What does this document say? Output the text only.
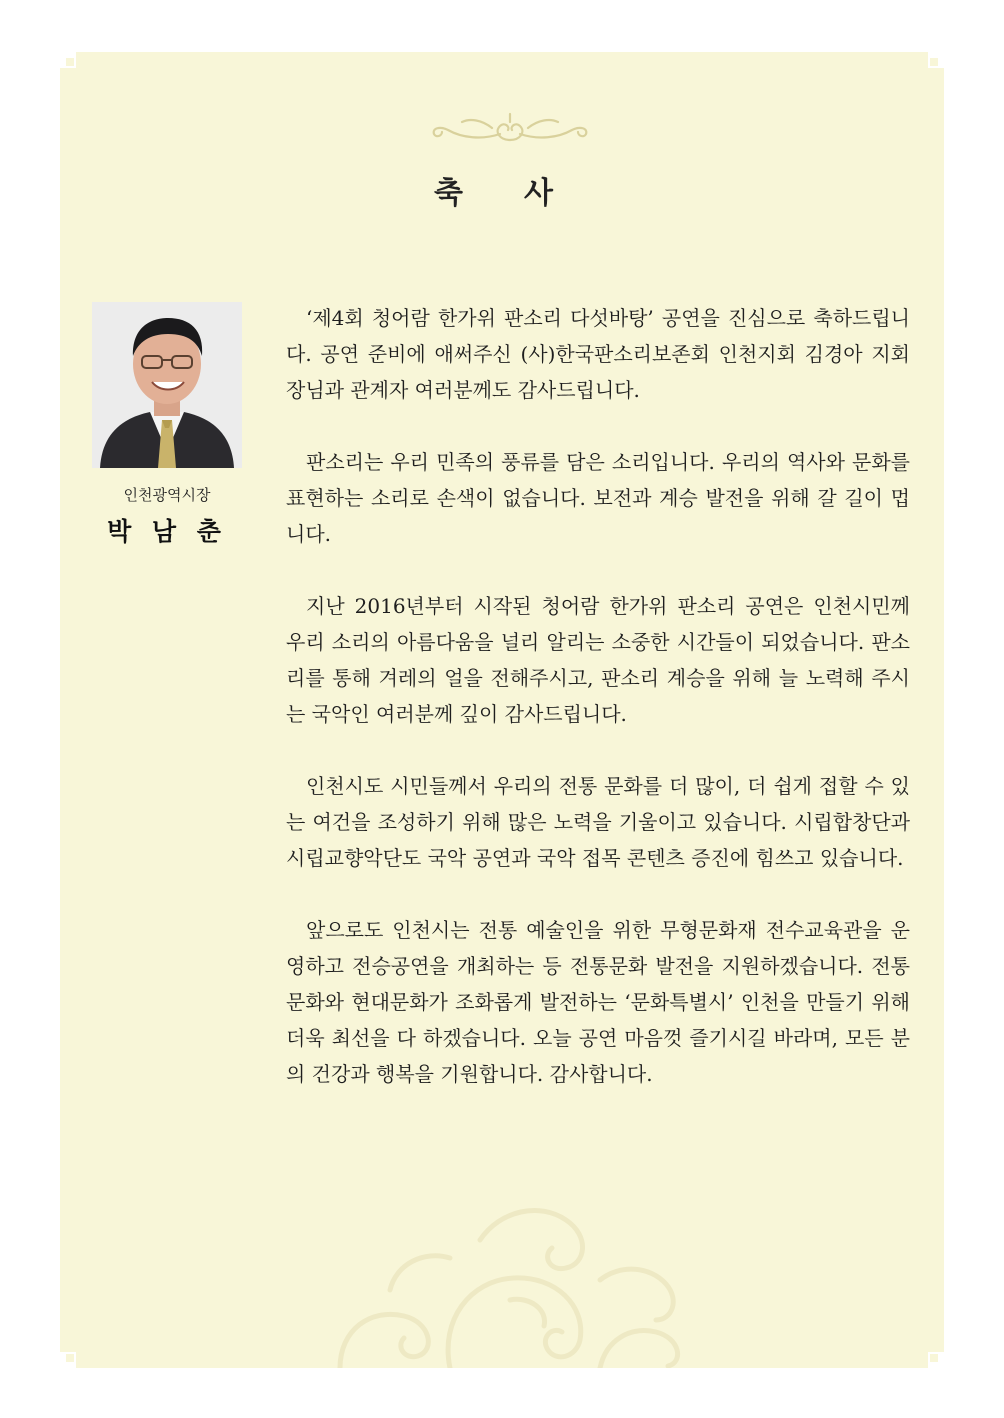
축 사
인천광역시장
박 남 춘

‘제4회 청어람 한가위 판소리 다섯바탕’ 공연을 진심으로 축하드립니다. 공연 준비에 애써주신 (사)한국판소리보존회 인천지회 김경아 지회장님과 관계자 여러분께도 감사드립니다.

판소리는 우리 민족의 풍류를 담은 소리입니다. 우리의 역사와 문화를 표현하는 소리로 손색이 없습니다. 보전과 계승 발전을 위해 갈 길이 멉니다.

지난 2016년부터 시작된 청어람 한가위 판소리 공연은 인천시민께 우리 소리의 아름다움을 널리 알리는 소중한 시간들이 되었습니다. 판소리를 통해 겨레의 얼을 전해주시고, 판소리 계승을 위해 늘 노력해 주시는 국악인 여러분께 깊이 감사드립니다.

인천시도 시민들께서 우리의 전통 문화를 더 많이, 더 쉽게 접할 수 있는 여건을 조성하기 위해 많은 노력을 기울이고 있습니다. 시립합창단과 시립교향악단도 국악 공연과 국악 접목 콘텐츠 증진에 힘쓰고 있습니다.

앞으로도 인천시는 전통 예술인을 위한 무형문화재 전수교육관을 운영하고 전승공연을 개최하는 등 전통문화 발전을 지원하겠습니다. 전통문화와 현대문화가 조화롭게 발전하는 ‘문화특별시’ 인천을 만들기 위해 더욱 최선을 다 하겠습니다. 오늘 공연 마음껏 즐기시길 바라며, 모든 분의 건강과 행복을 기원합니다. 감사합니다.
